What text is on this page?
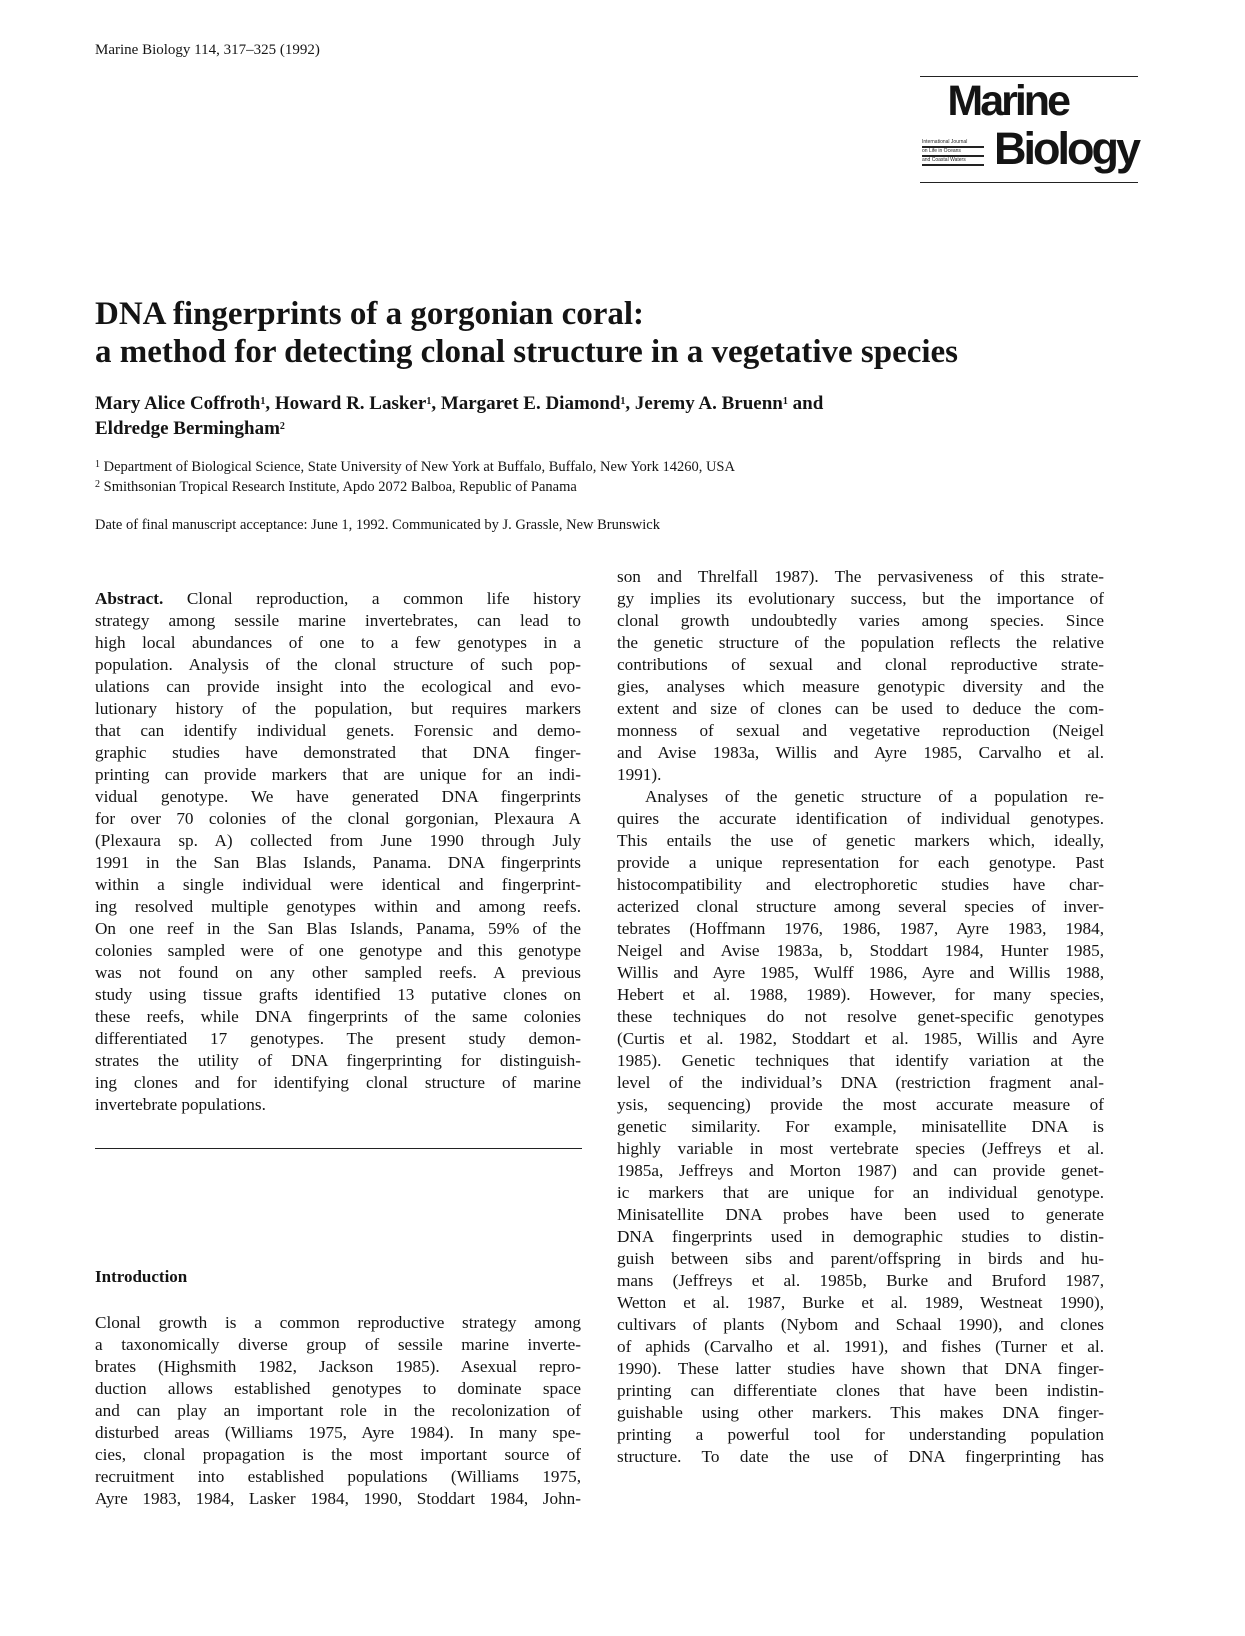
Marine Biology 114, 317–325 (1992)
Marine
International Journal
on Life in Oceans
and Coastal Waters Biology
DNA fingerprints of a gorgonian coral:
a method for detecting clonal structure in a vegetative species
Mary Alice Coffroth$^1$, Howard R. Lasker$^1$, Margaret E. Diamond$^1$, Jeremy A. Bruenn$^1$ and
Eldredge Bermingham$^2$
$^1$ Department of Biological Science, State University of New York at Buffalo, Buffalo, New York 14260, USA
$^2$ Smithsonian Tropical Research Institute, Apdo 2072 Balboa, Republic of Panama
Date of final manuscript acceptance: June 1, 1992. Communicated by J. Grassle, New Brunswick
Abstract. Clonal reproduction, a common life history
strategy among sessile marine invertebrates, can lead to
high local abundances of one to a few genotypes in a
population. Analysis of the clonal structure of such pop-
ulations can provide insight into the ecological and evo-
lutionary history of the population, but requires markers
that can identify individual genets. Forensic and demo-
graphic studies have demonstrated that DNA finger-
printing can provide markers that are unique for an indi-
vidual genotype. We have generated DNA fingerprints
for over 70 colonies of the clonal gorgonian, Plexaura A
(Plexaura sp. A) collected from June 1990 through July
1991 in the San Blas Islands, Panama. DNA fingerprints
within a single individual were identical and fingerprint-
ing resolved multiple genotypes within and among reefs.
On one reef in the San Blas Islands, Panama, 59% of the
colonies sampled were of one genotype and this genotype
was not found on any other sampled reefs. A previous
study using tissue grafts identified 13 putative clones on
these reefs, while DNA fingerprints of the same colonies
differentiated 17 genotypes. The present study demon-
strates the utility of DNA fingerprinting for distinguish-
ing clones and for identifying clonal structure of marine
invertebrate populations.
Introduction
Clonal growth is a common reproductive strategy among
a taxonomically diverse group of sessile marine inverte-
brates (Highsmith 1982, Jackson 1985). Asexual repro-
duction allows established genotypes to dominate space
and can play an important role in the recolonization of
disturbed areas (Williams 1975, Ayre 1984). In many spe-
cies, clonal propagation is the most important source of
recruitment into established populations (Williams 1975,
Ayre 1983, 1984, Lasker 1984, 1990, Stoddart 1984, John-
son and Threlfall 1987). The pervasiveness of this strate-
gy implies its evolutionary success, but the importance of
clonal growth undoubtedly varies among species. Since
the genetic structure of the population reflects the relative
contributions of sexual and clonal reproductive strate-
gies, analyses which measure genotypic diversity and the
extent and size of clones can be used to deduce the com-
monness of sexual and vegetative reproduction (Neigel
and Avise 1983a, Willis and Ayre 1985, Carvalho et al.
1991).
Analyses of the genetic structure of a population re-
quires the accurate identification of individual genotypes.
This entails the use of genetic markers which, ideally,
provide a unique representation for each genotype. Past
histocompatibility and electrophoretic studies have char-
acterized clonal structure among several species of inver-
tebrates (Hoffmann 1976, 1986, 1987, Ayre 1983, 1984,
Neigel and Avise 1983a, b, Stoddart 1984, Hunter 1985,
Willis and Ayre 1985, Wulff 1986, Ayre and Willis 1988,
Hebert et al. 1988, 1989). However, for many species,
these techniques do not resolve genet-specific genotypes
(Curtis et al. 1982, Stoddart et al. 1985, Willis and Ayre
1985). Genetic techniques that identify variation at the
level of the individual’s DNA (restriction fragment anal-
ysis, sequencing) provide the most accurate measure of
genetic similarity. For example, minisatellite DNA is
highly variable in most vertebrate species (Jeffreys et al.
1985a, Jeffreys and Morton 1987) and can provide genet-
ic markers that are unique for an individual genotype.
Minisatellite DNA probes have been used to generate
DNA fingerprints used in demographic studies to distin-
guish between sibs and parent/offspring in birds and hu-
mans (Jeffreys et al. 1985b, Burke and Bruford 1987,
Wetton et al. 1987, Burke et al. 1989, Westneat 1990),
cultivars of plants (Nybom and Schaal 1990), and clones
of aphids (Carvalho et al. 1991), and fishes (Turner et al.
1990). These latter studies have shown that DNA finger-
printing can differentiate clones that have been indistin-
guishable using other markers. This makes DNA finger-
printing a powerful tool for understanding population
structure. To date the use of DNA fingerprinting has
